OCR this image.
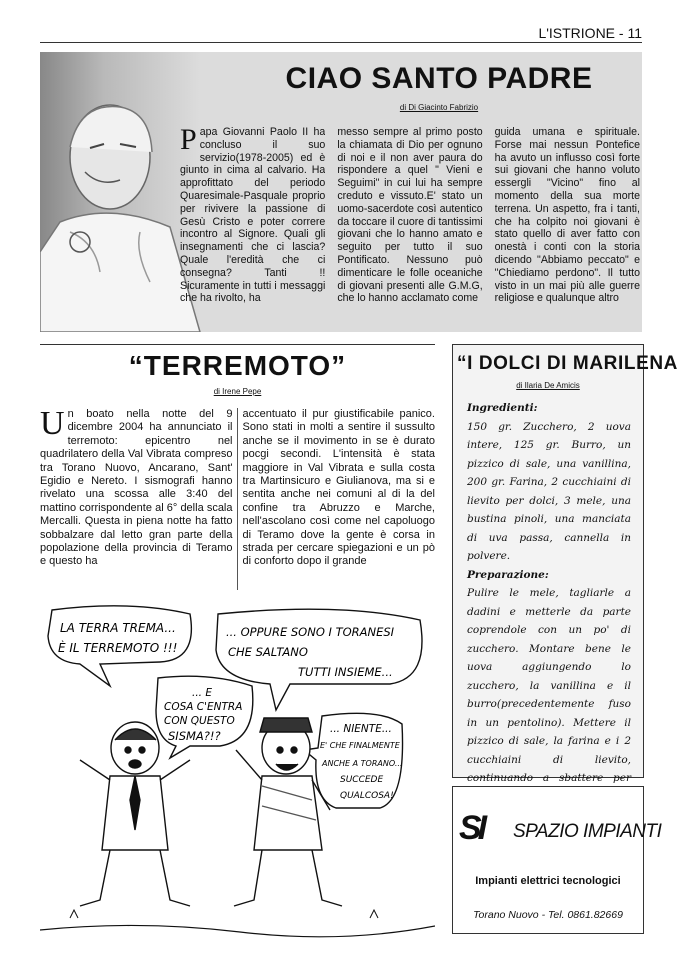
L'ISTRIONE - 11
CIAO SANTO PADRE
di Di Giacinto Fabrizio
Papa Giovanni Paolo II ha concluso il suo servizio(1978-2005) ed è giunto in cima al calvario. Ha approfittato del periodo Quaresimale-Pasquale proprio per rivivere la passione di Gesù Cristo e poter correre incontro al Signore. Quali gli insegnamenti che ci lascia? Quale l'eredità che ci consegna? Tanti !! Sicuramente in tutti i messaggi che ha rivolto, ha
messo sempre al primo posto la chiamata di Dio per ognuno di noi e il non aver paura do rispondere a quel " Vieni e Seguimi" in cui lui ha sempre creduto e vissuto.E' stato un uomo-sacerdote così autentico da toccare il cuore di tantissimi giovani che lo hanno amato e seguito per tutto il suo Pontificato. Nessuno può dimenticare le folle oceaniche di giovani presenti alle G.M.G, che lo hanno acclamato come
guida umana e spirituale. Forse mai nessun Pontefice ha avuto un influsso così forte sui giovani che hanno voluto essergli "Vicino" fino al momento della sua morte terrena. Un aspetto, fra i tanti, che ha colpito noi giovani è stato quello di aver fatto con onestà i conti con la storia dicendo "Abbiamo peccato" e "Chiediamo perdono". Il tutto visto in un mai più alle guerre religiose e qualunque altro
“TERREMOTO”
di Irene Pepe
Un boato nella notte del 9 dicembre 2004 ha annunciato il terremoto: epicentro nel quadrilatero della Val Vibrata compreso tra Torano Nuovo, Ancarano, Sant' Egidio e Nereto. I sismografi hanno rivelato una scossa alle 3:40 del mattino corrispondente al 6° della scala Mercalli. Questa in piena notte ha fatto sobbalzare dal letto gran parte della popolazione della provincia di Teramo e questo ha
accentuato il pur giustificabile panico. Sono stati in molti a sentire il sussulto anche se il movimento in se è durato pocgi secondi. L'intensità è stata maggiore in Val Vibrata e sulla costa tra Martinsicuro e Giulianova, ma si e sentita anche nei comuni al di la del confine tra Abruzzo e Marche, nell'ascolano così come nel capoluogo di Teramo dove la gente è corsa in strada per cercare spiegazioni e un pò di conforto dopo il grande
LA TERRA TREMA...
È IL TERREMOTO !!!
... OPPURE SONO I TORANESI
CHE SALTANO
TUTTI INSIEME...
... E
COSA C'ENTRA
CON QUESTO
SISMA?!?	... NIENTE...
E' CHE FINALMENTE
ANCHE A TORANO...
SUCCEDE
QUALCOSA!
“I DOLCI DI MARILENA
di Ilaria De Amicis
Ingredienti:
150 gr. Zucchero, 2 uova intere, 125 gr. Burro, un pizzico di sale, una vanillina, 200 gr. Farina, 2 cucchiaini di lievito per dolci, 3 mele, una bustina pinoli, una manciata di uva passa, cannella in polvere.
Preparazione:
Pulire le mele, tagliarle a dadini e metterle da parte coprendole con un po' di zucchero. Montare bene le uova aggiungendo lo zucchero, la vanillina e il burro(precedentemente fuso in un pentolino). Mettere il pizzico di sale, la farina e i 2 cucchiaini di lievito, continuando a sbattere per
SI SPAZIO IMPIANTI
Impianti elettrici tecnologici
Torano Nuovo - Tel. 0861.82669
